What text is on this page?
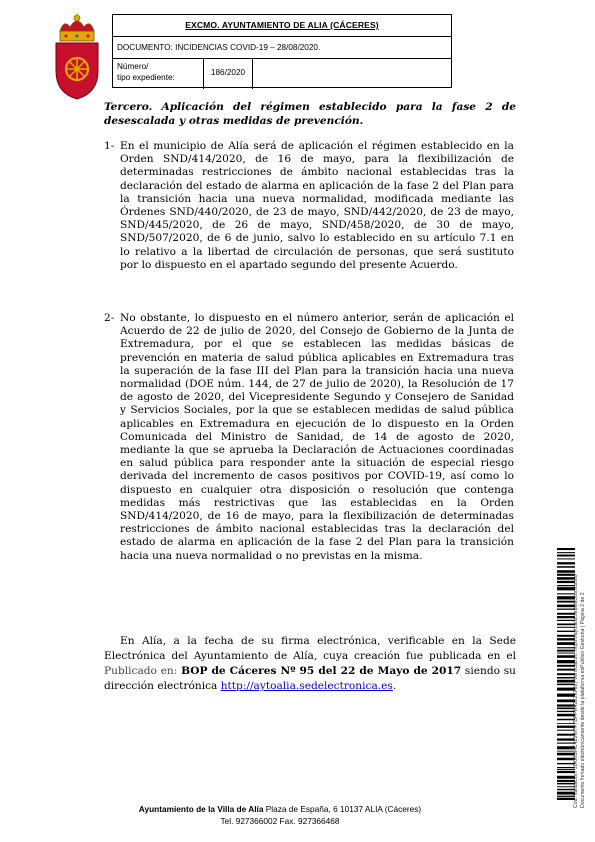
EXCMO. AYUNTAMIENTO DE ALIA (CÁCERES)
DOCUMENTO: INCIDENCIAS COVID-19 – 28/08/2020.
Número/
tipo expediente:	186/2020
Tercero. Aplicación del régimen establecido para la fase 2 de desescalada y otras medidas de prevención.
1- En el municipio de Alía será de aplicación el régimen establecido en la Orden SND/414/2020, de 16 de mayo, para la flexibilización de determinadas restricciones de ámbito nacional establecidas tras la declaración del estado de alarma en aplicación de la fase 2 del Plan para la transición hacia una nueva normalidad, modificada mediante las Órdenes SND/440/2020, de 23 de mayo, SND/442/2020, de 23 de mayo, SND/445/2020, de 26 de mayo, SND/458/2020, de 30 de mayo, SND/507/2020, de 6 de junio, salvo lo establecido en su artículo 7.1 en lo relativo a la libertad de circulación de personas, que será sustituto por lo dispuesto en el apartado segundo del presente Acuerdo.
2- No obstante, lo dispuesto en el número anterior, serán de aplicación el Acuerdo de 22 de julio de 2020, del Consejo de Gobierno de la Junta de Extremadura, por el que se establecen las medidas básicas de prevención en materia de salud pública aplicables en Extremadura tras la superación de la fase III del Plan para la transición hacia una nueva normalidad (DOE núm. 144, de 27 de julio de 2020), la Resolución de 17 de agosto de 2020, del Vicepresidente Segundo y Consejero de Sanidad y Servicios Sociales, por la que se establecen medidas de salud pública aplicables en Extremadura en ejecución de lo dispuesto en la Orden Comunicada del Ministro de Sanidad, de 14 de agosto de 2020, mediante la que se aprueba la Declaración de Actuaciones coordinadas en salud pública para responder ante la situación de especial riesgo derivada del incremento de casos positivos por COVID-19, así como lo dispuesto en cualquier otra disposición o resolución que contenga medidas más restrictivas que las establecidas en la Orden SND/414/2020, de 16 de mayo, para la flexibilización de determinadas restricciones de ámbito nacional establecidas tras la declaración del estado de alarma en aplicación de la fase 2 del Plan para la transición hacia una nueva normalidad o no previstas en la misma.
En Alía, a la fecha de su firma electrónica, verificable en la Sede Electrónica del Ayuntamiento de Alía, cuya creación fue publicada en el Publicado en: BOP de Cáceres Nº 95 del 22 de Mayo de 2017 siendo su dirección electrónica http://aytoalia.sedelectronica.es.
Ayuntamiento de la Villa de Alía Plaza de España, 6 10137 ALIA (Cáceres)
Tel. 927366002 Fax. 927366468
Cód. Validación: 39KMDHC4Z9W7F7DFPR42E2KHN | Verificación: https://aytoalia.sedelectronica.es/ Documento firmado electrónicamente desde la plataforma esPublico Gestiona | Página 2 de 2
